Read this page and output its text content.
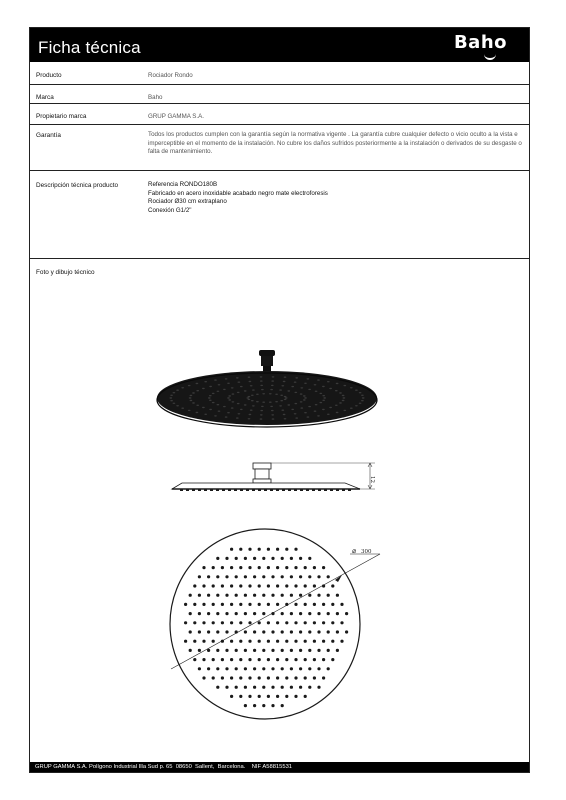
Ficha técnica	Baho
Producto	Rociador Rondo
Marca	Baho
Propietario marca	GRUP GAMMA S.A.
Garantía	Todos los productos cumplen con la garantía según la normativa vigente . La garantía cubre cualquier defecto o vicio oculto a la vista e imperceptible en el momento de la instalación. No cubre los daños sufridos posteriormente a la instalación o derivados de su desgaste o falta de mantenimiento.
Descripción técnica producto	Referencia RONDO180B
Fabricado en acero inoxidable acabado negro mate electroforesis
Rociador Ø30 cm extraplano
Conexión G1/2"
Foto y dibujo técnico
12
⌀ 300
GRUP GAMMA S.A. Polígono Industrial Illa Sud p. 65  08650  Sallent,  Barcelona.    NIF A58815531
